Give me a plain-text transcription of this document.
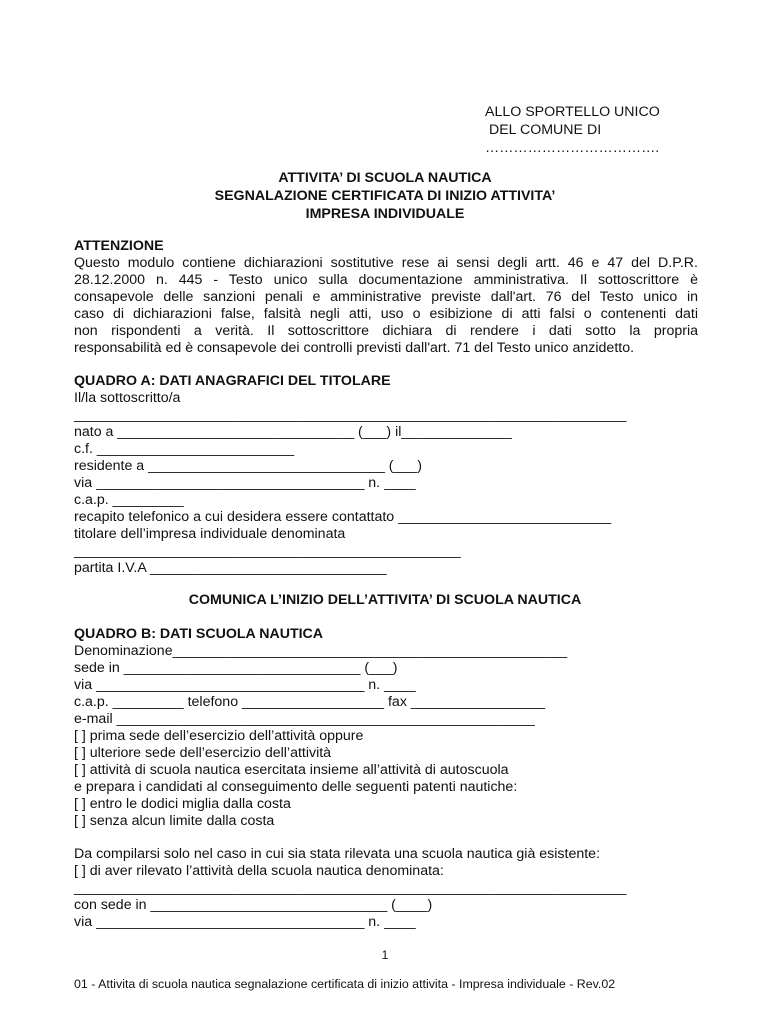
ALLO SPORTELLO UNICO
DEL COMUNE DI
……………………………….
ATTIVITA’ DI SCUOLA NAUTICA
SEGNALAZIONE CERTIFICATA DI INIZIO ATTIVITA’
IMPRESA INDIVIDUALE
ATTENZIONE
Questo modulo contiene dichiarazioni sostitutive rese ai sensi degli artt. 46 e 47 del D.P.R.
28.12.2000 n. 445 - Testo unico sulla documentazione amministrativa. Il sottoscrittore è
consapevole delle sanzioni penali e amministrative previste dall'art. 76 del Testo unico in
caso di dichiarazioni false, falsità negli atti, uso o esibizione di atti falsi o contenenti dati
non rispondenti a verità. Il sottoscrittore dichiara di rendere i dati sotto la propria
responsabilità ed è consapevole dei controlli previsti dall'art. 71 del Testo unico anzidetto.
QUADRO A: DATI ANAGRAFICI DEL TITOLARE
Il/la sottoscritto/a
______________________________________________________________________
nato a ______________________________ (___) il______________
c.f. _________________________
residente a ______________________________ (___)
via __________________________________ n. ____
c.a.p. _________
recapito telefonico a cui desidera essere contattato ___________________________
titolare dell’impresa individuale denominata
_________________________________________________
partita I.V.A ______________________________
COMUNICA L’INIZIO DELL’ATTIVITA’ DI SCUOLA NAUTICA
QUADRO B: DATI SCUOLA NAUTICA
Denominazione__________________________________________________
sede in ______________________________ (___)
via __________________________________ n. ____
c.a.p. _________ telefono __________________ fax _________________
e-mail _____________________________________________________
[ ] prima sede dell’esercizio dell’attività oppure
[ ] ulteriore sede dell’esercizio dell’attività
[ ] attività di scuola nautica esercitata insieme all’attività di autoscuola
e prepara i candidati al conseguimento delle seguenti patenti nautiche:
[ ] entro le dodici miglia dalla costa
[ ] senza alcun limite dalla costa
Da compilarsi solo nel caso in cui sia stata rilevata una scuola nautica già esistente:
[ ] di aver rilevato l’attività della scuola nautica denominata:
______________________________________________________________________
con sede in ______________________________ (____)
via __________________________________ n. ____
1
01 - Attivita di scuola nautica segnalazione certificata di inizio attivita - Impresa individuale - Rev.02
